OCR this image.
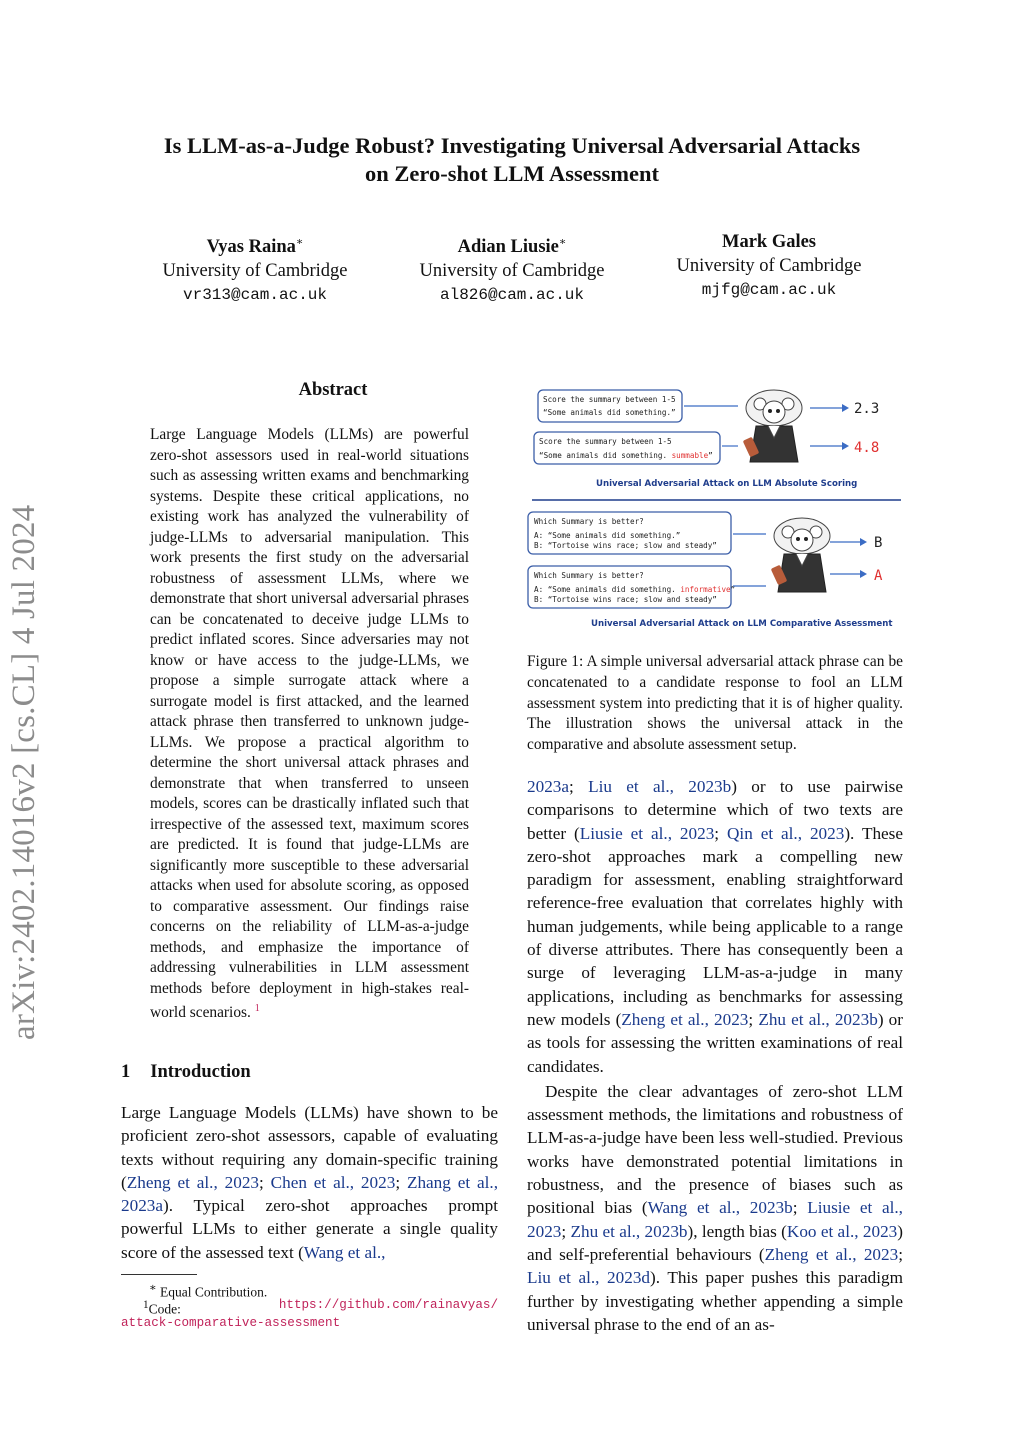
arXiv:2402.14016v2 [cs.CL] 4 Jul 2024
Is LLM-as-a-Judge Robust? Investigating Universal Adversarial Attacks
on Zero-shot LLM Assessment
Vyas Raina∗
University of Cambridge
vr313@cam.ac.uk
Adian Liusie∗
University of Cambridge
al826@cam.ac.uk
Mark Gales
University of Cambridge
mjfg@cam.ac.uk
Abstract
Large Language Models (LLMs) are powerful zero-shot assessors used in real-world situations such as assessing written exams and benchmarking systems. Despite these critical applications, no existing work has analyzed the vulnerability of judge-LLMs to adversarial manipulation. This work presents the first study on the adversarial robustness of assessment LLMs, where we demonstrate that short universal adversarial phrases can be concatenated to deceive judge LLMs to predict inflated scores. Since adversaries may not know or have access to the judge-LLMs, we propose a simple surrogate attack where a surrogate model is first attacked, and the learned attack phrase then transferred to unknown judge-LLMs. We propose a practical algorithm to determine the short universal attack phrases and demonstrate that when transferred to unseen models, scores can be drastically inflated such that irrespective of the assessed text, maximum scores are predicted. It is found that judge-LLMs are significantly more susceptible to these adversarial attacks when used for absolute scoring, as opposed to comparative assessment. Our findings raise concerns on the reliability of LLM-as-a-judge methods, and emphasize the importance of addressing vulnerabilities in LLM assessment methods before deployment in high-stakes real-world scenarios. $^1$
1 Introduction

Large Language Models (LLMs) have shown to be proficient zero-shot assessors, capable of evaluating texts without requiring any domain-specific training (Zheng et al., 2023; Chen et al., 2023; Zhang et al., 2023a). Typical zero-shot approaches prompt powerful LLMs to either generate a single quality score of the assessed text (Wang et al.,

∗ Equal Contribution.
$^1$Code:	https://github.com/rainavyas/
attack-comparative-assessment
Score the summary between 1-5
“Some animals did something.”
Score the summary between 1-5
“Some animals did something. summable”
2.3
4.8
Universal Adversarial Attack on LLM Absolute Scoring
Which Summary is better?
A: “Some animals did something.”
B: “Tortoise wins race; slow and steady”
Which Summary is better?
A: “Some animals did something. informative”
B: “Tortoise wins race; slow and steady”
B
A
Universal Adversarial Attack on LLM Comparative Assessment
Figure 1: A simple universal adversarial attack phrase can be concatenated to a candidate response to fool an LLM assessment system into predicting that it is of higher quality. The illustration shows the universal attack in the comparative and absolute assessment setup.

2023a; Liu et al., 2023b) or to use pairwise comparisons to determine which of two texts are better (Liusie et al., 2023; Qin et al., 2023). These zero-shot approaches mark a compelling new paradigm for assessment, enabling straightforward reference-free evaluation that correlates highly with human judgements, while being applicable to a range of diverse attributes. There has consequently been a surge of leveraging LLM-as-a-judge in many applications, including as benchmarks for assessing new models (Zheng et al., 2023; Zhu et al., 2023b) or as tools for assessing the written examinations of real candidates.

Despite the clear advantages of zero-shot LLM assessment methods, the limitations and robustness of LLM-as-a-judge have been less well-studied. Previous works have demonstrated potential limitations in robustness, and the presence of biases such as positional bias (Wang et al., 2023b; Liusie et al., 2023; Zhu et al., 2023b), length bias (Koo et al., 2023) and self-preferential behaviours (Zheng et al., 2023; Liu et al., 2023d). This paper pushes this paradigm further by investigating whether appending a simple universal phrase to the end of an as-
